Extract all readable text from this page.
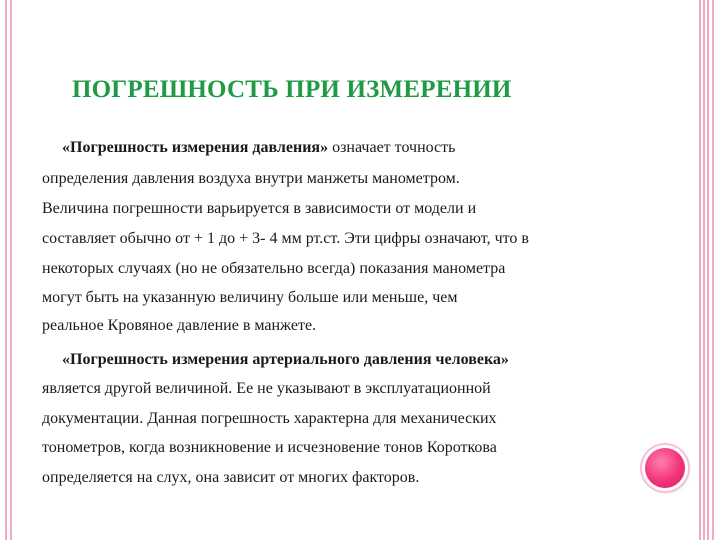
ПОГРЕШНОСТЬ ПРИ ИЗМЕРЕНИИ

«Погрешность измерения давления» означает точность

определения давления воздуха внутри манжеты манометром.

Величина погрешности варьируется в зависимости от модели и

составляет обычно от + 1 до + 3- 4 мм рт.ст. Эти цифры означают, что в

некоторых случаях (но не обязательно всегда) показания манометра

могут быть на указанную величину больше или меньше, чем

реальное Кровяное давление в манжете.

«Погрешность измерения артериального давления человека»

является другой величиной. Ее не указывают в эксплуатационной

документации. Данная погрешность характерна для механических

тонометров, когда возникновение и исчезновение тонов Короткова

определяется на слух, она зависит от многих факторов.
